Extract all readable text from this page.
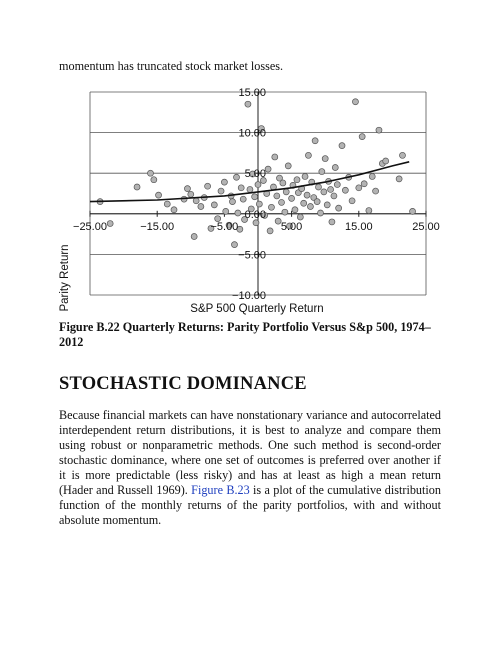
momentum has truncated stock market losses.

−25.00	−15.00	−5.00	5.00	15.00	25.00
15.00
10.00
5.00
0.00
−5.00
−10.00
S&P 500 Quarterly Return
Parity Return

Figure B.22 Quarterly Returns: Parity Portfolio Versus S&p 500, 1974–2012

STOCHASTIC DOMINANCE

Because financial markets can have nonstationary variance and autocorrelated interdependent return distributions, it is best to analyze and compare them using robust or nonparametric methods. One such method is second-order stochastic dominance, where one set of outcomes is preferred over another if it is more predictable (less risky) and has at least as high a mean return (Hader and Russell 1969). Figure B.23 is a plot of the cumulative distribution function of the monthly returns of the parity portfolios, with and without absolute momentum.
